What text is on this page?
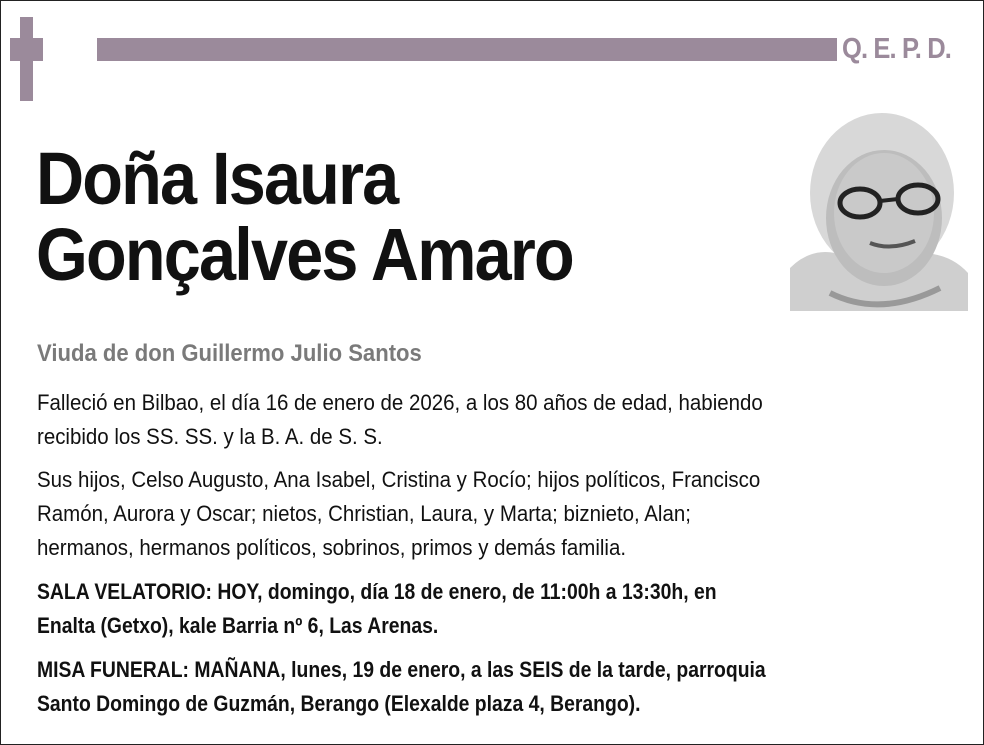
Q. E. P. D.
Doña Isaura
Gonçalves Amaro
Viuda de don Guillermo Julio Santos
Falleció en Bilbao, el día 16 de enero de 2026, a los 80 años de edad, habiendo
recibido los SS. SS. y la B. A. de S. S.
Sus hijos, Celso Augusto, Ana Isabel, Cristina y Rocío; hijos políticos, Francisco
Ramón, Aurora y Oscar; nietos, Christian, Laura, y Marta; biznieto, Alan;
hermanos, hermanos políticos, sobrinos, primos y demás familia.
SALA VELATORIO: HOY, domingo, día 18 de enero, de 11:00h a 13:30h, en
Enalta (Getxo), kale Barria nº 6, Las Arenas.
MISA FUNERAL: MAÑANA, lunes, 19 de enero, a las SEIS de la tarde, parroquia
Santo Domingo de Guzmán, Berango (Elexalde plaza 4, Berango).
